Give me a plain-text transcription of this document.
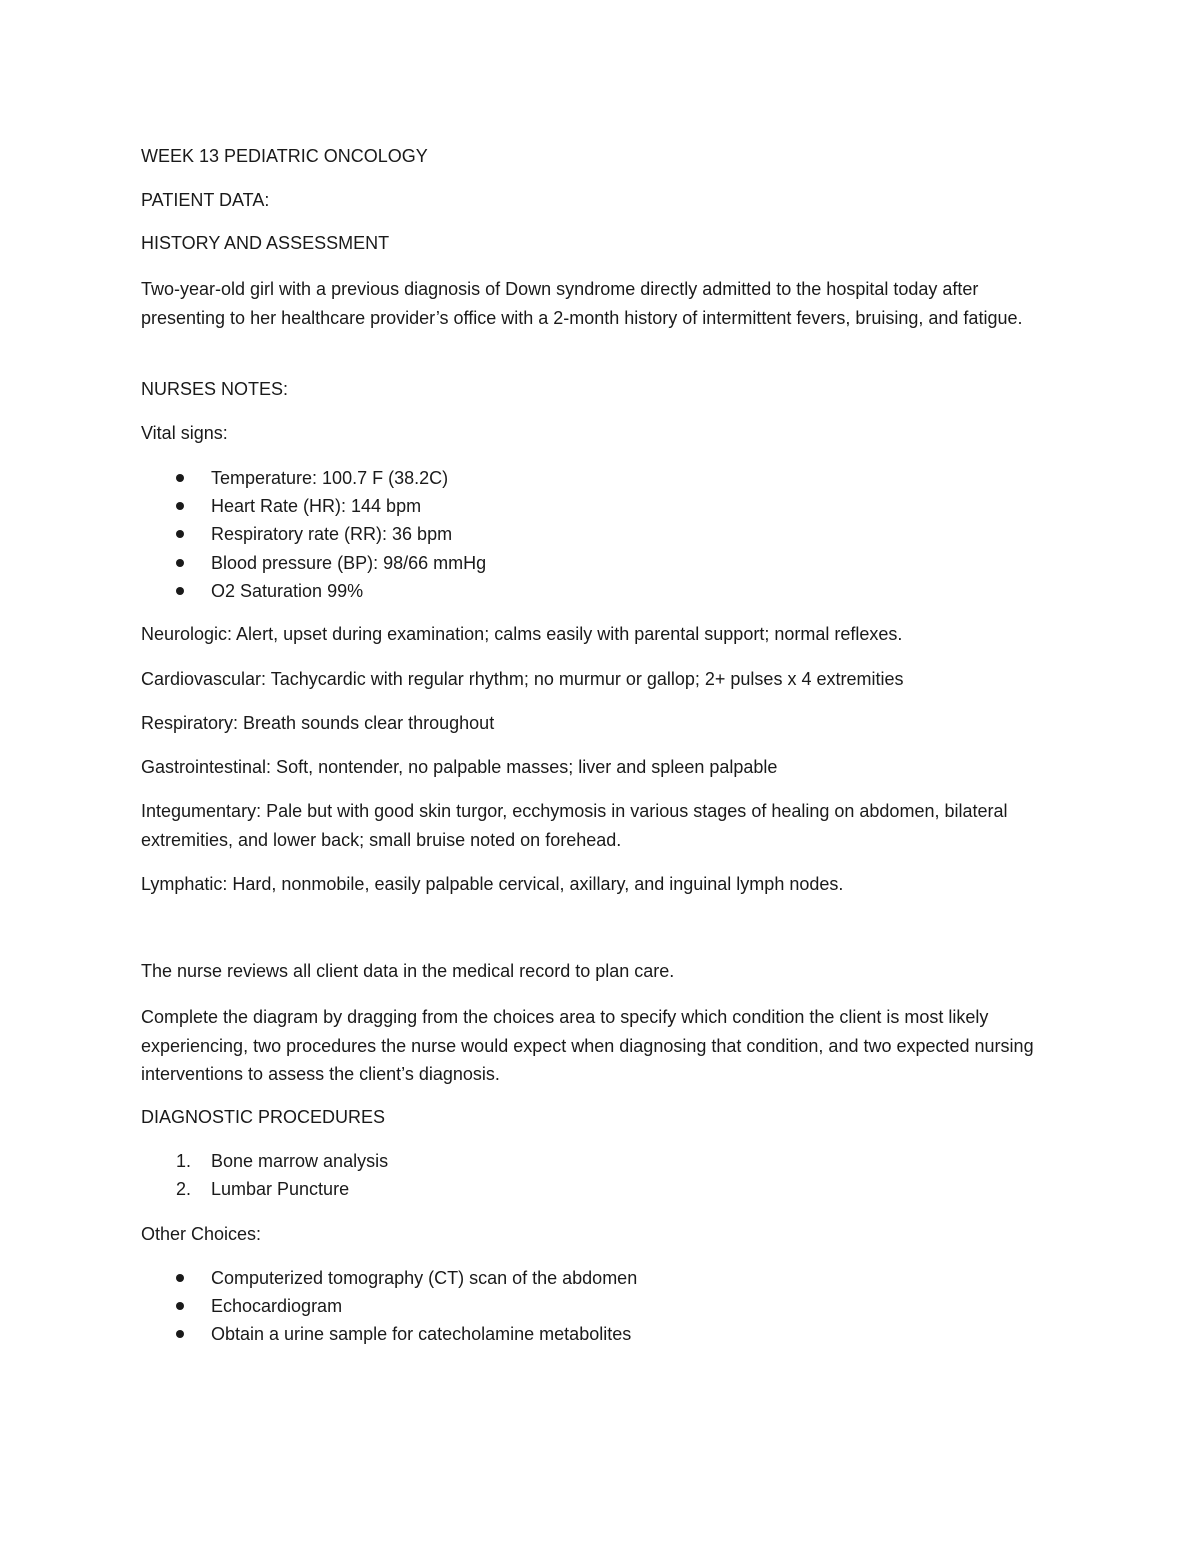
WEEK 13 PEDIATRIC ONCOLOGY

PATIENT DATA:

HISTORY AND ASSESSMENT

Two-year-old girl with a previous diagnosis of Down syndrome directly admitted to the hospital today after presenting to her healthcare provider’s office with a 2-month history of intermittent fevers, bruising, and fatigue.

NURSES NOTES:

Vital signs:

Temperature: 100.7 F (38.2C)
Heart Rate (HR): 144 bpm
Respiratory rate (RR): 36 bpm
Blood pressure (BP): 98/66 mmHg
O2 Saturation 99%

Neurologic: Alert, upset during examination; calms easily with parental support; normal reflexes.

Cardiovascular: Tachycardic with regular rhythm; no murmur or gallop; 2+ pulses x 4 extremities

Respiratory: Breath sounds clear throughout

Gastrointestinal: Soft, nontender, no palpable masses; liver and spleen palpable

Integumentary: Pale but with good skin turgor, ecchymosis in various stages of healing on abdomen, bilateral extremities, and lower back; small bruise noted on forehead.

Lymphatic: Hard, nonmobile, easily palpable cervical, axillary, and inguinal lymph nodes.

The nurse reviews all client data in the medical record to plan care.

Complete the diagram by dragging from the choices area to specify which condition the client is most likely experiencing, two procedures the nurse would expect when diagnosing that condition, and two expected nursing interventions to assess the client’s diagnosis.

DIAGNOSTIC PROCEDURES

1. Bone marrow analysis
2. Lumbar Puncture

Other Choices:

Computerized tomography (CT) scan of the abdomen
Echocardiogram
Obtain a urine sample for catecholamine metabolites
